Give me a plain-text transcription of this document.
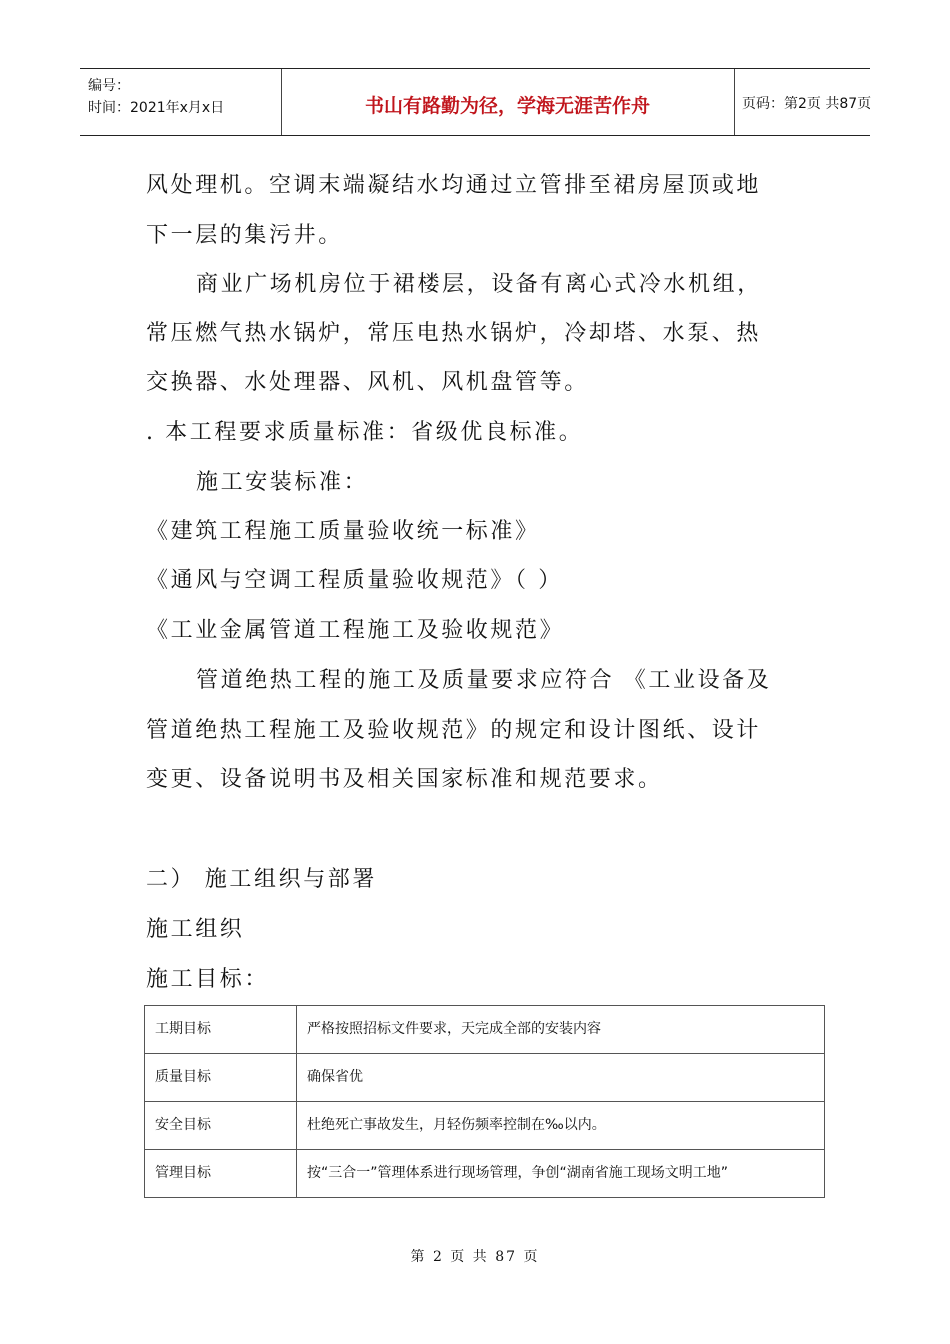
编号：
时间：2021年x月x日	书山有路勤为径，学海无涯苦作舟	页码：第2页 共87页
风处理机。空调末端凝结水均通过立管排至裙房屋顶或地
下一层的集污井。
商业广场机房位于裙楼层，设备有离心式冷水机组，
常压燃气热水锅炉，常压电热水锅炉，冷却塔、水泵、热
交换器、水处理器、风机、风机盘管等。
. 本工程要求质量标准：省级优良标准。
施工安装标准：
《建筑工程施工质量验收统一标准》
《通风与空调工程质量验收规范》（ ）
《工业金属管道工程施工及验收规范》
管道绝热工程的施工及质量要求应符合 《工业设备及
管道绝热工程施工及验收规范》的规定和设计图纸、设计
变更、设备说明书及相关国家标准和规范要求。
二） 施工组织与部署
施工组织
施工目标：
工期目标	严格按照招标文件要求，天完成全部的安装内容
质量目标	确保省优
安全目标	杜绝死亡事故发生，月轻伤频率控制在‰以内。
管理目标	按“三合一”管理体系进行现场管理，争创“湖南省施工现场文明工地”
第 2 页 共 87 页
